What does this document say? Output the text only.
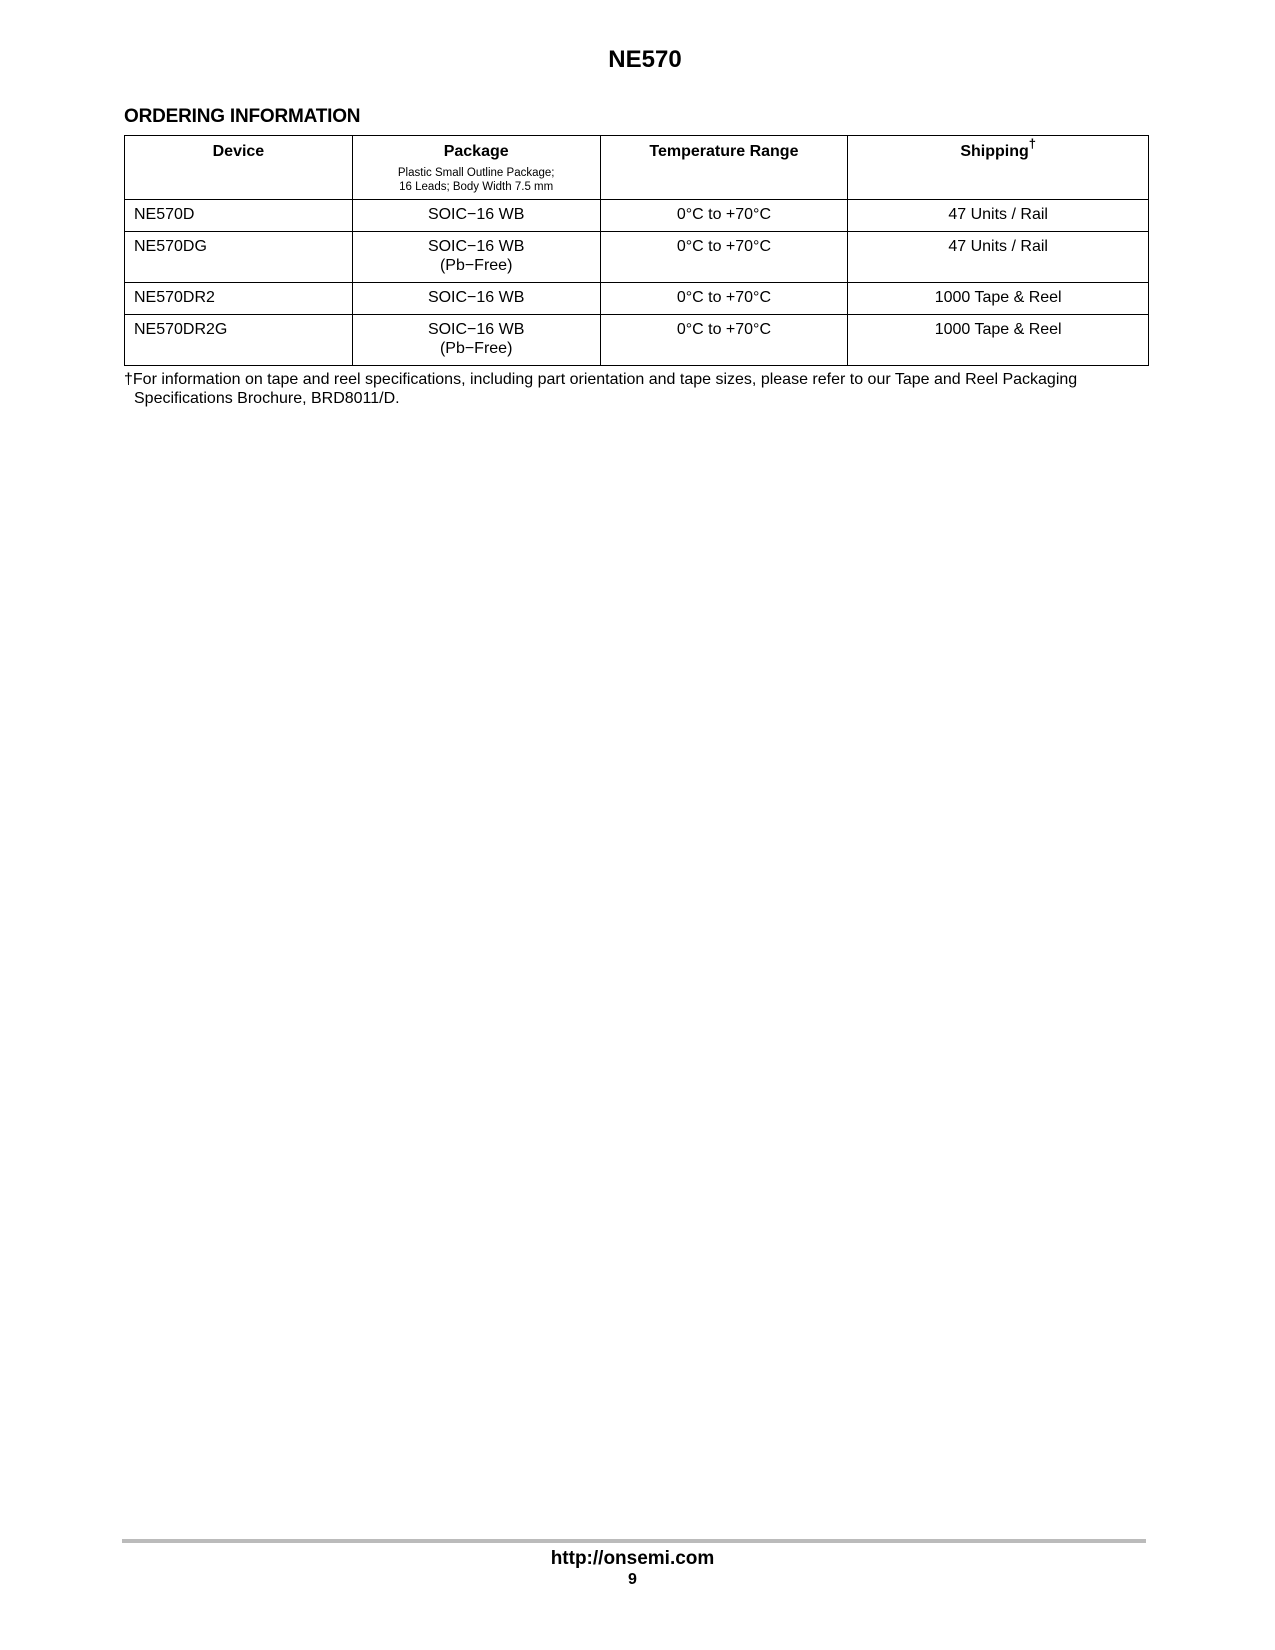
NE570
ORDERING INFORMATION
Device	Package
Plastic Small Outline Package;
16 Leads; Body Width 7.5 mm	Temperature Range	Shipping†
NE570D	SOIC−16 WB	0°C to +70°C	47 Units / Rail
NE570DG	SOIC−16 WB
(Pb−Free)	0°C to +70°C	47 Units / Rail
NE570DR2	SOIC−16 WB	0°C to +70°C	1000 Tape & Reel
NE570DR2G	SOIC−16 WB
(Pb−Free)	0°C to +70°C	1000 Tape & Reel
†For information on tape and reel specifications, including part orientation and tape sizes, please refer to our Tape and Reel Packaging
Specifications Brochure, BRD8011/D.
http://onsemi.com
9
